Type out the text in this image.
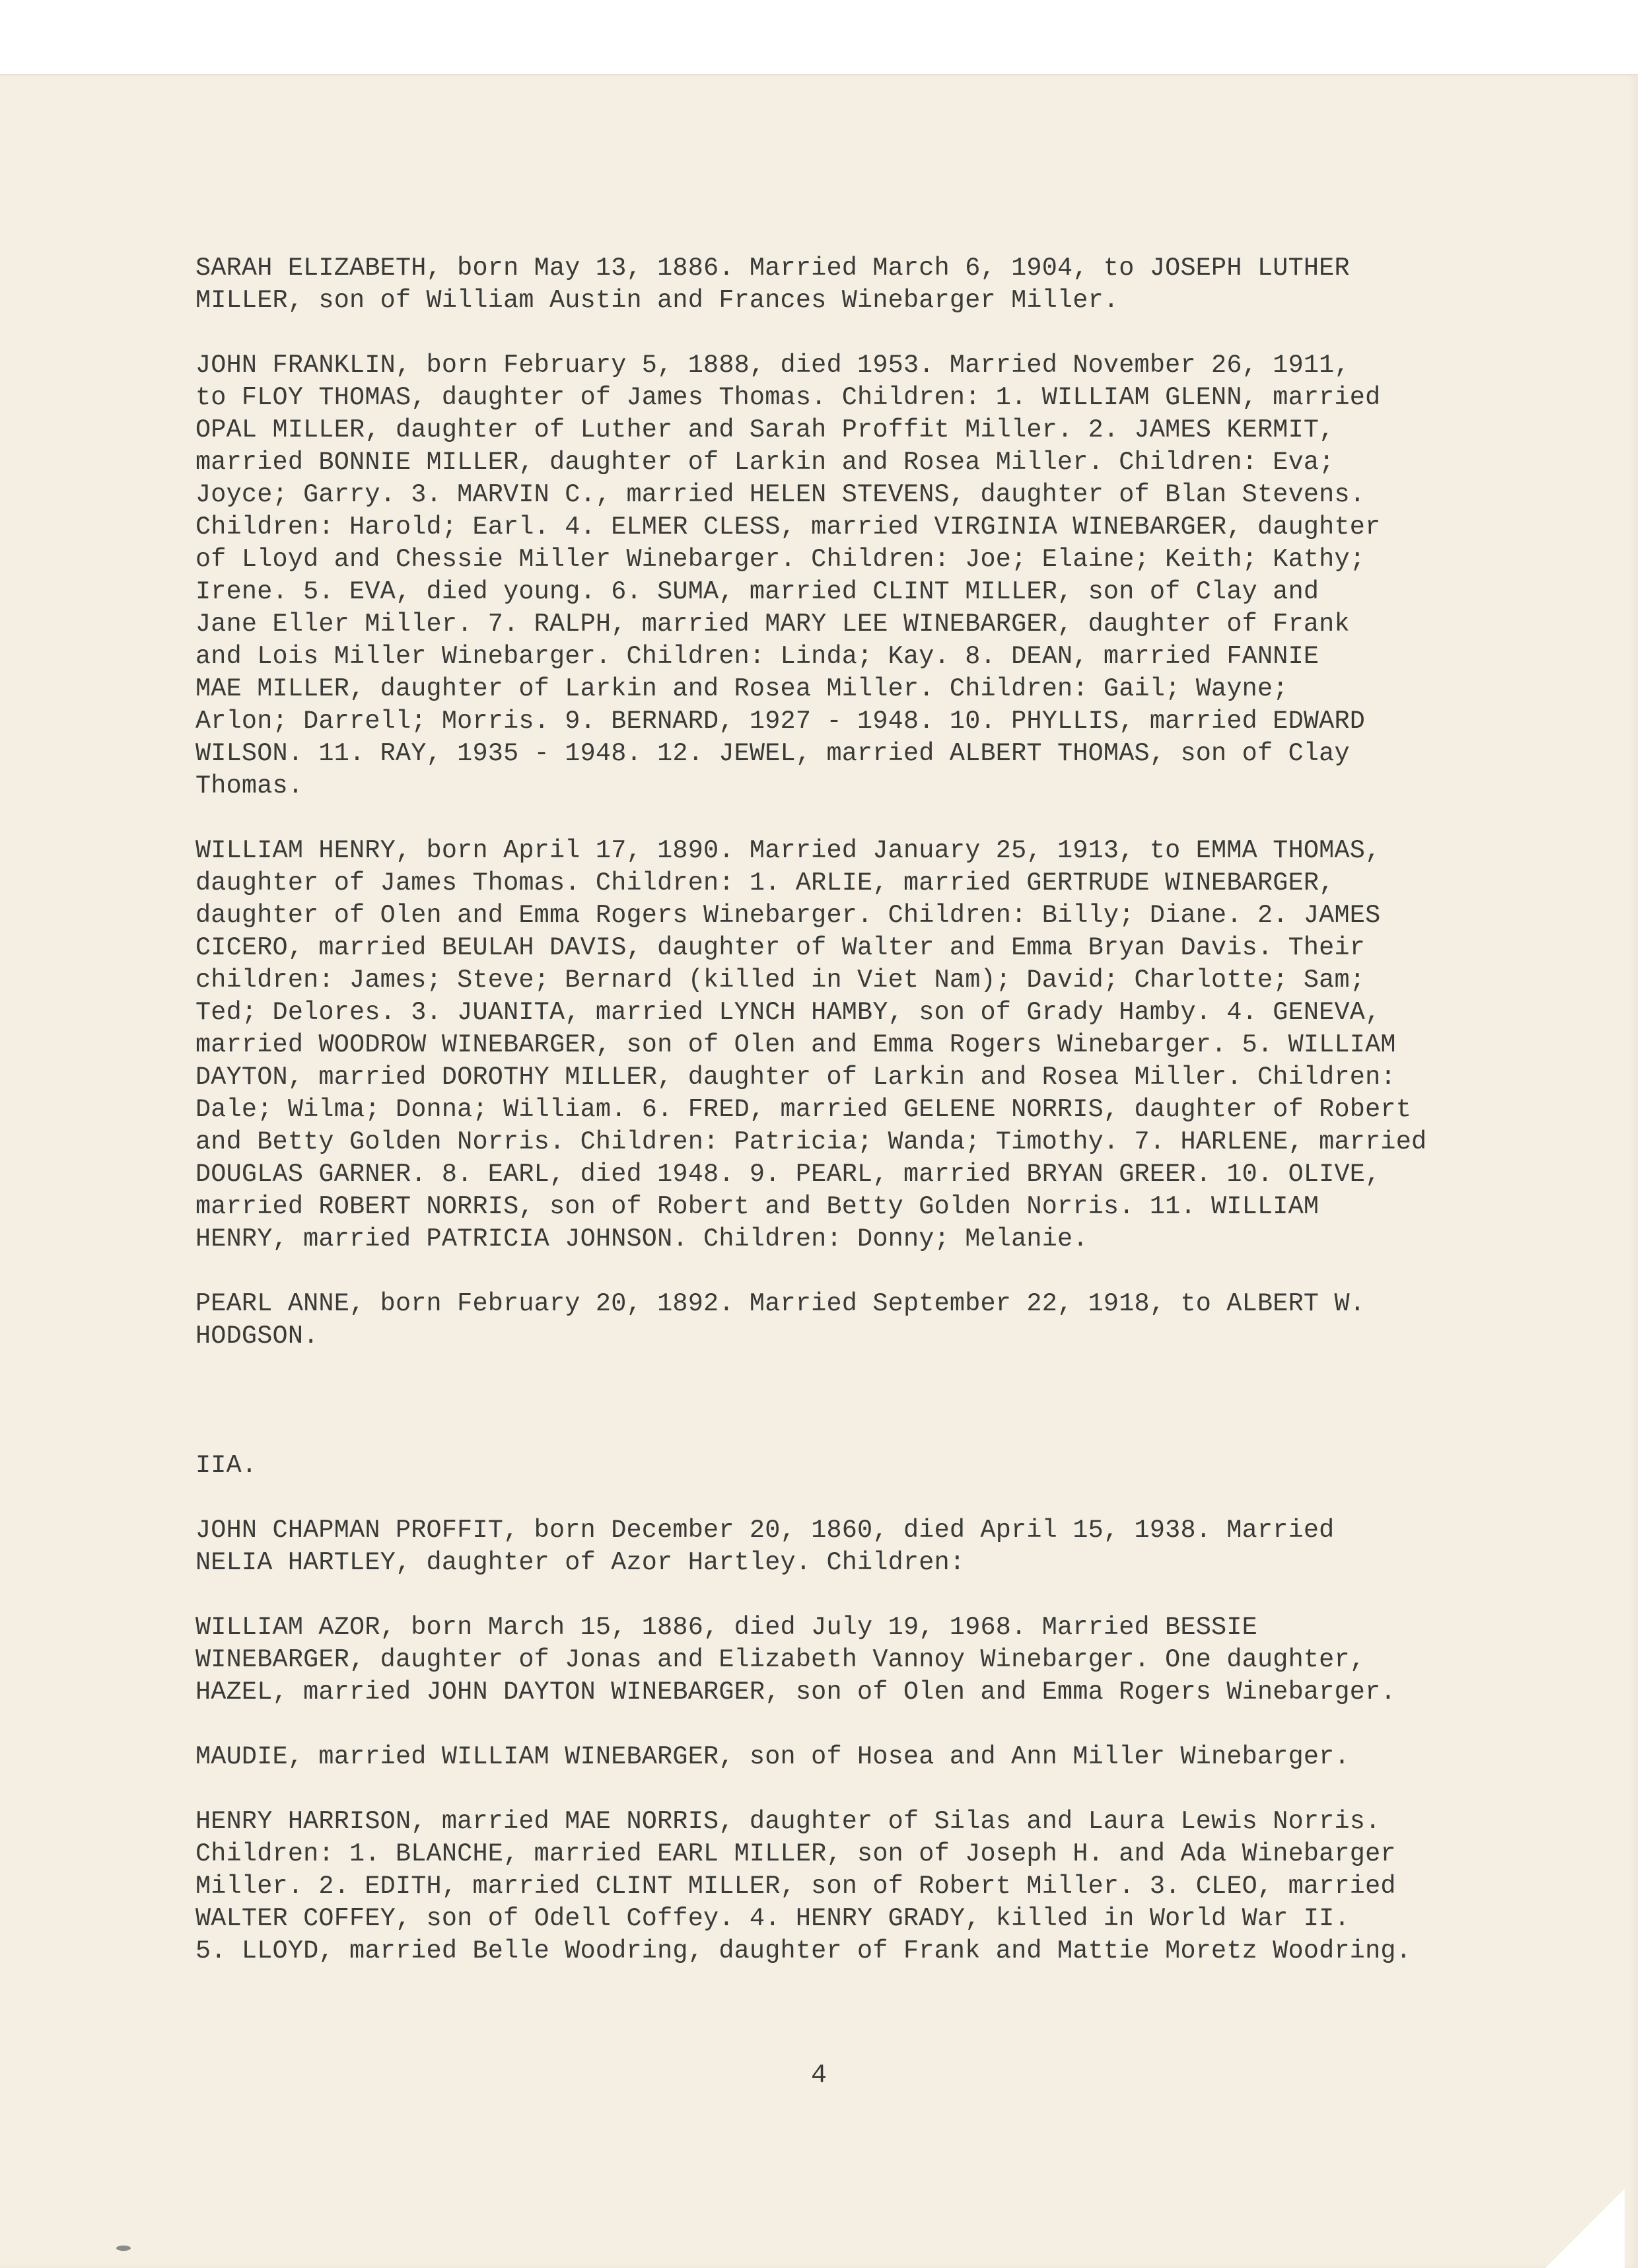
SARAH ELIZABETH, born May 13, 1886. Married March 6, 1904, to JOSEPH LUTHER
MILLER, son of William Austin and Frances Winebarger Miller.
JOHN FRANKLIN, born February 5, 1888, died 1953. Married November 26, 1911,
to FLOY THOMAS, daughter of James Thomas. Children: 1. WILLIAM GLENN, married
OPAL MILLER, daughter of Luther and Sarah Proffit Miller. 2. JAMES KERMIT,
married BONNIE MILLER, daughter of Larkin and Rosea Miller. Children: Eva;
Joyce; Garry. 3. MARVIN C., married HELEN STEVENS, daughter of Blan Stevens.
Children: Harold; Earl. 4. ELMER CLESS, married VIRGINIA WINEBARGER, daughter
of Lloyd and Chessie Miller Winebarger. Children: Joe; Elaine; Keith; Kathy;
Irene. 5. EVA, died young. 6. SUMA, married CLINT MILLER, son of Clay and
Jane Eller Miller. 7. RALPH, married MARY LEE WINEBARGER, daughter of Frank
and Lois Miller Winebarger. Children: Linda; Kay. 8. DEAN, married FANNIE
MAE MILLER, daughter of Larkin and Rosea Miller. Children: Gail; Wayne;
Arlon; Darrell; Morris. 9. BERNARD, 1927 - 1948. 10. PHYLLIS, married EDWARD
WILSON. 11. RAY, 1935 - 1948. 12. JEWEL, married ALBERT THOMAS, son of Clay
Thomas.
WILLIAM HENRY, born April 17, 1890. Married January 25, 1913, to EMMA THOMAS,
daughter of James Thomas. Children: 1. ARLIE, married GERTRUDE WINEBARGER,
daughter of Olen and Emma Rogers Winebarger. Children: Billy; Diane. 2. JAMES
CICERO, married BEULAH DAVIS, daughter of Walter and Emma Bryan Davis. Their
children: James; Steve; Bernard (killed in Viet Nam); David; Charlotte; Sam;
Ted; Delores. 3. JUANITA, married LYNCH HAMBY, son of Grady Hamby. 4. GENEVA,
married WOODROW WINEBARGER, son of Olen and Emma Rogers Winebarger. 5. WILLIAM
DAYTON, married DOROTHY MILLER, daughter of Larkin and Rosea Miller. Children:
Dale; Wilma; Donna; William. 6. FRED, married GELENE NORRIS, daughter of Robert
and Betty Golden Norris. Children: Patricia; Wanda; Timothy. 7. HARLENE, married
DOUGLAS GARNER. 8. EARL, died 1948. 9. PEARL, married BRYAN GREER. 10. OLIVE,
married ROBERT NORRIS, son of Robert and Betty Golden Norris. 11. WILLIAM
HENRY, married PATRICIA JOHNSON. Children: Donny; Melanie.
PEARL ANNE, born February 20, 1892. Married September 22, 1918, to ALBERT W.
HODGSON.
IIA.
JOHN CHAPMAN PROFFIT, born December 20, 1860, died April 15, 1938. Married
NELIA HARTLEY, daughter of Azor Hartley. Children:
WILLIAM AZOR, born March 15, 1886, died July 19, 1968. Married BESSIE
WINEBARGER, daughter of Jonas and Elizabeth Vannoy Winebarger. One daughter,
HAZEL, married JOHN DAYTON WINEBARGER, son of Olen and Emma Rogers Winebarger.
MAUDIE, married WILLIAM WINEBARGER, son of Hosea and Ann Miller Winebarger.
HENRY HARRISON, married MAE NORRIS, daughter of Silas and Laura Lewis Norris.
Children: 1. BLANCHE, married EARL MILLER, son of Joseph H. and Ada Winebarger
Miller. 2. EDITH, married CLINT MILLER, son of Robert Miller. 3. CLEO, married
WALTER COFFEY, son of Odell Coffey. 4. HENRY GRADY, killed in World War II.
5. LLOYD, married Belle Woodring, daughter of Frank and Mattie Moretz Woodring.
4
